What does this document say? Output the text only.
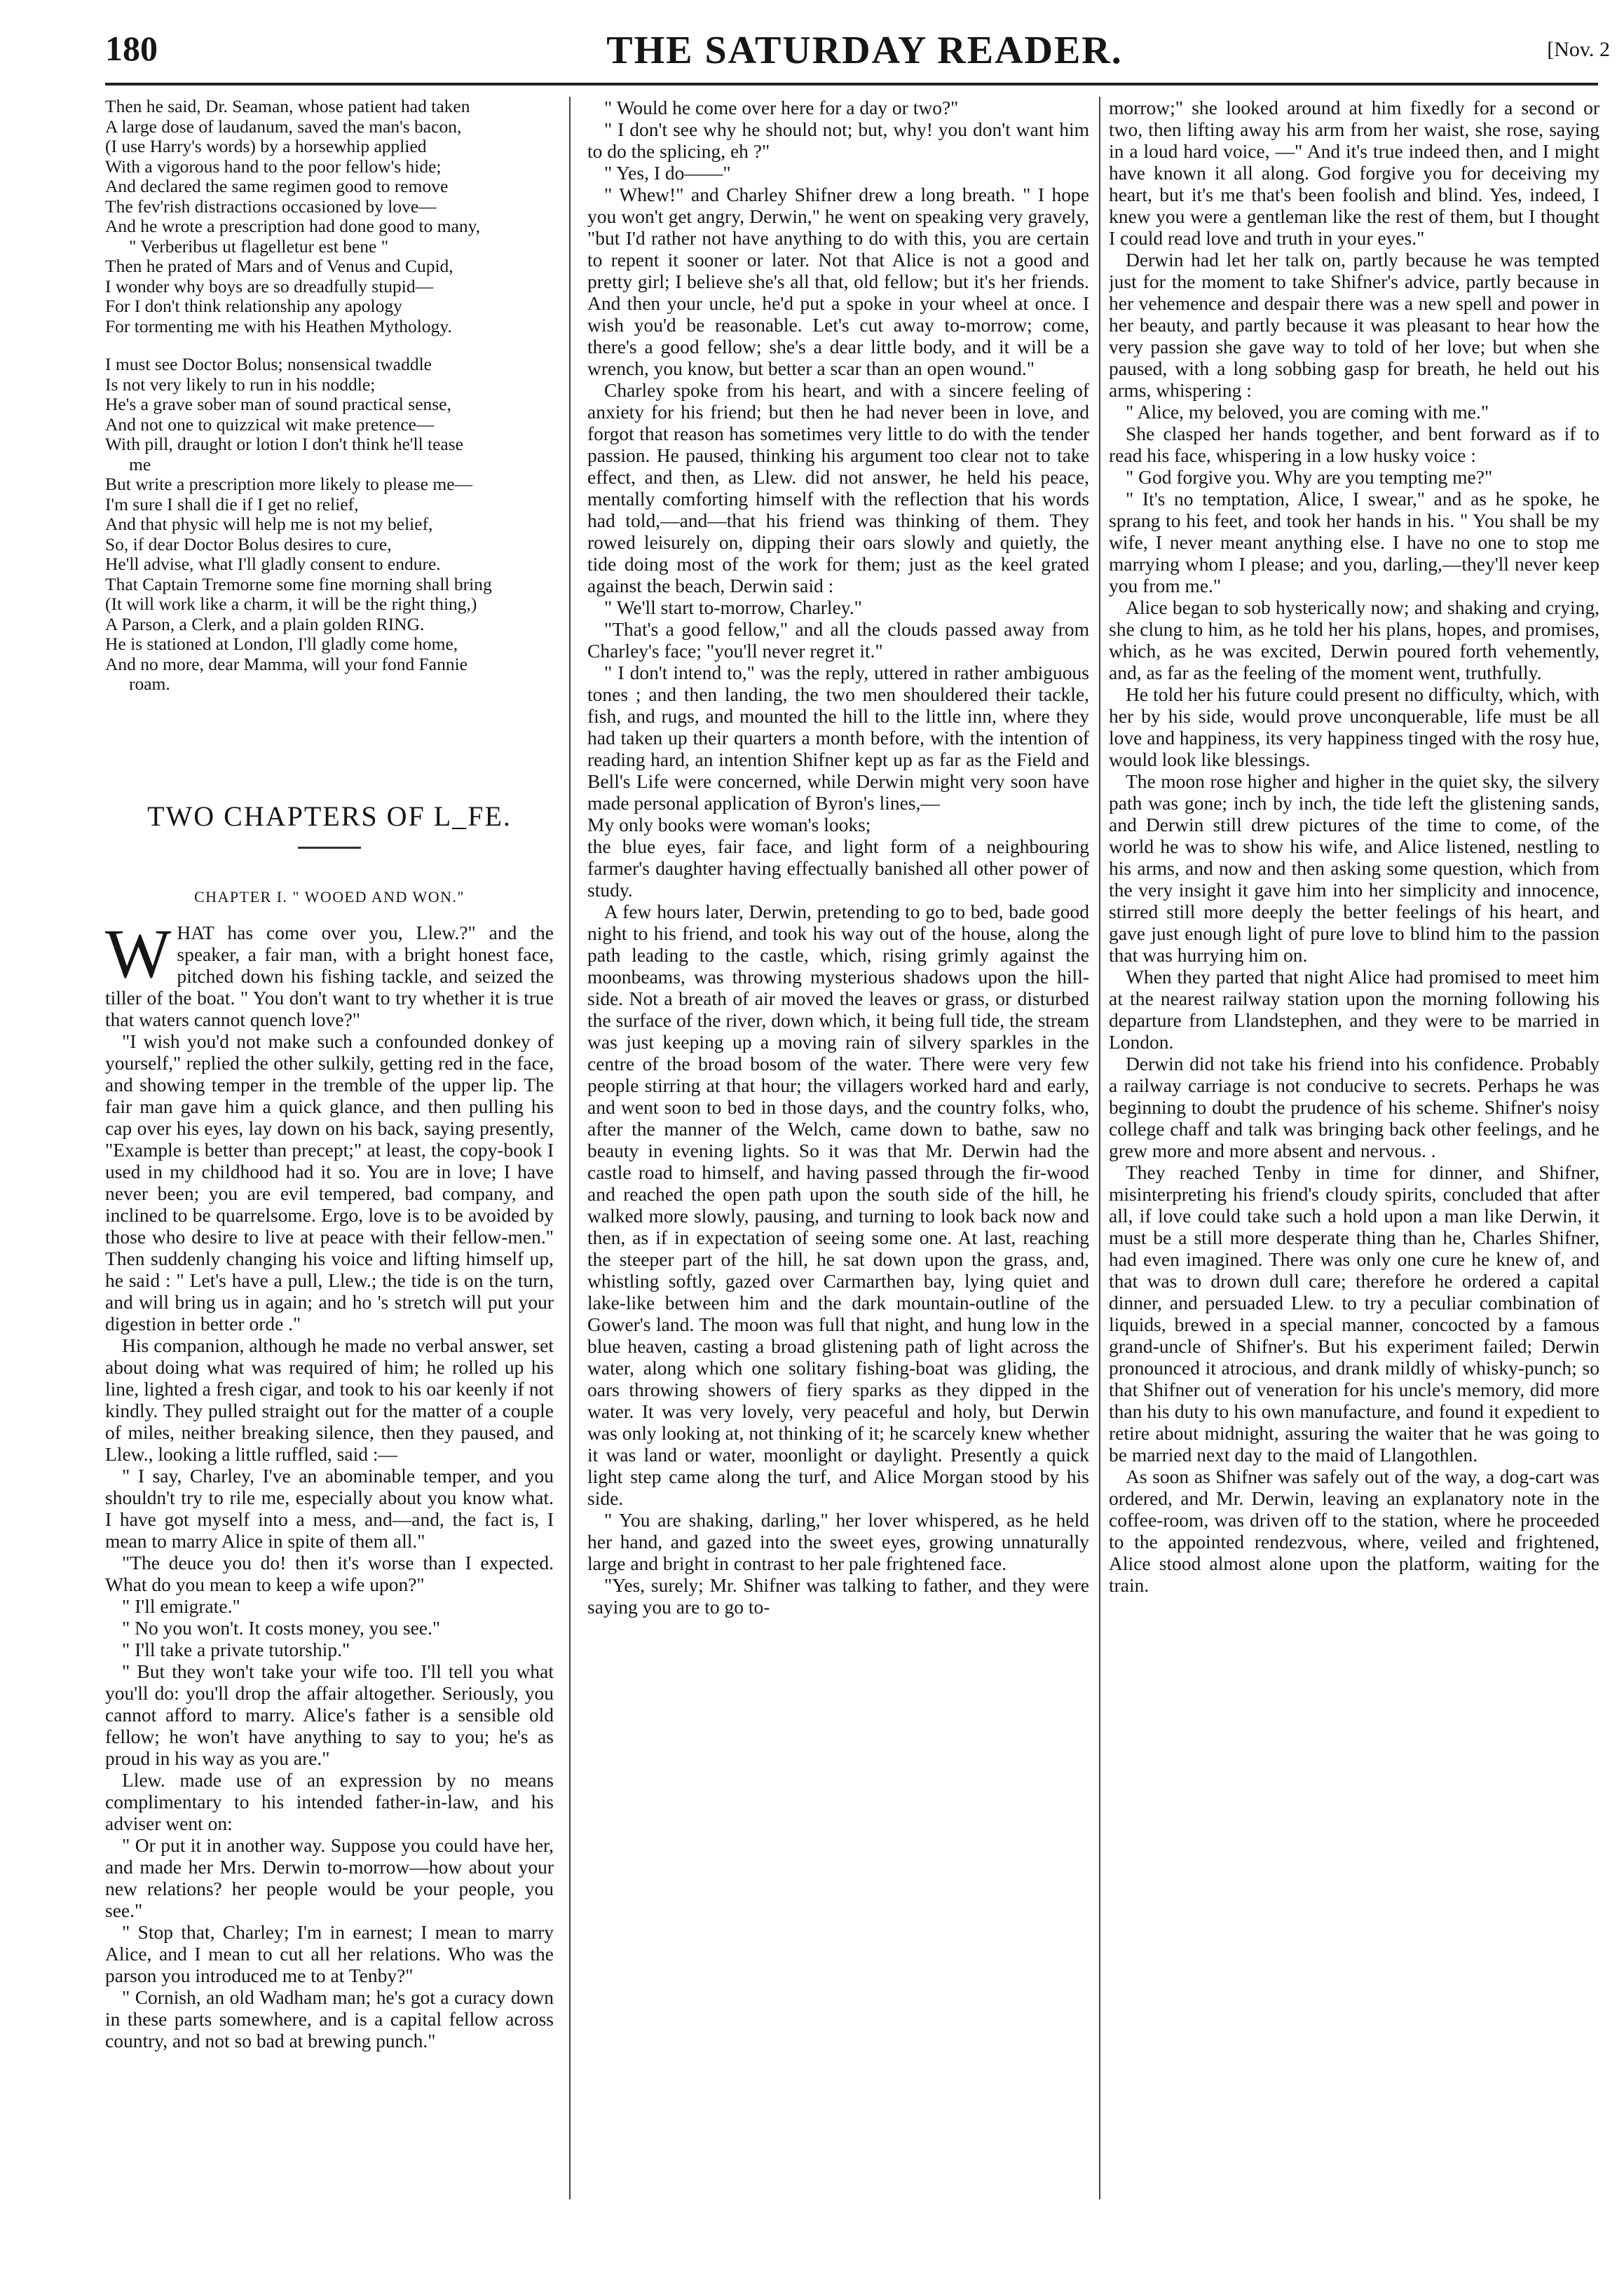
180	THE SATURDAY READER.	[Nov. 2
Then he said, Dr. Seaman, whose patient had taken
A large dose of laudanum, saved the man's bacon,
(I use Harry's words) by a horsewhip applied
With a vigorous hand to the poor fellow's hide;
And declared the same regimen good to remove
The fev'rish distractions occasioned by love—
And he wrote a prescription had done good to many,
" Verberibus ut flagelletur est bene "
Then he prated of Mars and of Venus and Cupid,
I wonder why boys are so dreadfully stupid—
For I don't think relationship any apology
For tormenting me with his Heathen Mythology.
I must see Doctor Bolus; nonsensical twaddle
Is not very likely to run in his noddle;
He's a grave sober man of sound practical sense,
And not one to quizzical wit make pretence—
With pill, draught or lotion I don't think he'll tease
me
But write a prescription more likely to please me—
I'm sure I shall die if I get no relief,
And that physic will help me is not my belief,
So, if dear Doctor Bolus desires to cure,
He'll advise, what I'll gladly consent to endure.
That Captain Tremorne some fine morning shall bring
(It will work like a charm, it will be the right thing,)
A Parson, a Clerk, and a plain golden RING.
He is stationed at London, I'll gladly come home,
And no more, dear Mamma, will your fond Fannie
roam.
TWO CHAPTERS OF L_FE.
CHAPTER I. " WOOED AND WON."

WHAT has come over you, Llew.?" and the speaker, a fair man, with a bright honest face, pitched down his fishing tackle, and seized the tiller of the boat. " You don't want to try whether it is true that waters cannot quench love?"

"I wish you'd not make such a confounded donkey of yourself," replied the other sulkily, getting red in the face, and showing temper in the tremble of the upper lip. The fair man gave him a quick glance, and then pulling his cap over his eyes, lay down on his back, saying presently, "Example is better than precept;" at least, the copy-book I used in my childhood had it so. You are in love; I have never been; you are evil tempered, bad company, and inclined to be quarrelsome. Ergo, love is to be avoided by those who desire to live at peace with their fellow-men." Then suddenly changing his voice and lifting himself up, he said : " Let's have a pull, Llew.; the tide is on the turn, and will bring us in again; and ho 's stretch will put your digestion in better orde ."

His companion, although he made no verbal answer, set about doing what was required of him; he rolled up his line, lighted a fresh cigar, and took to his oar keenly if not kindly. They pulled straight out for the matter of a couple of miles, neither breaking silence, then they paused, and Llew., looking a little ruffled, said :—

" I say, Charley, I've an abominable temper, and you shouldn't try to rile me, especially about you know what. I have got myself into a mess, and—and, the fact is, I mean to marry Alice in spite of them all."

"The deuce you do! then it's worse than I expected. What do you mean to keep a wife upon?"

" I'll emigrate."

" No you won't. It costs money, you see."

" I'll take a private tutorship."

" But they won't take your wife too. I'll tell you what you'll do: you'll drop the affair altogether. Seriously, you cannot afford to marry. Alice's father is a sensible old fellow; he won't have anything to say to you; he's as proud in his way as you are."

Llew. made use of an expression by no means complimentary to his intended father-in-law, and his adviser went on:

" Or put it in another way. Suppose you could have her, and made her Mrs. Derwin to-morrow—how about your new relations? her people would be your people, you see."

" Stop that, Charley; I'm in earnest; I mean to marry Alice, and I mean to cut all her relations. Who was the parson you introduced me to at Tenby?"

" Cornish, an old Wadham man; he's got a curacy down in these parts somewhere, and is a capital fellow across country, and not so bad at brewing punch."

" Would he come over here for a day or two?"

" I don't see why he should not; but, why! you don't want him to do the splicing, eh ?"

" Yes, I do——"

" Whew!" and Charley Shifner drew a long breath. " I hope you won't get angry, Derwin," he went on speaking very gravely, "but I'd rather not have anything to do with this, you are certain to repent it sooner or later. Not that Alice is not a good and pretty girl; I believe she's all that, old fellow; but it's her friends. And then your uncle, he'd put a spoke in your wheel at once. I wish you'd be reasonable. Let's cut away to-morrow; come, there's a good fellow; she's a dear little body, and it will be a wrench, you know, but better a scar than an open wound."

Charley spoke from his heart, and with a sincere feeling of anxiety for his friend; but then he had never been in love, and forgot that reason has sometimes very little to do with the tender passion. He paused, thinking his argument too clear not to take effect, and then, as Llew. did not answer, he held his peace, mentally comforting himself with the reflection that his words had told,—and—that his friend was thinking of them. They rowed leisurely on, dipping their oars slowly and quietly, the tide doing most of the work for them; just as the keel grated against the beach, Derwin said :

" We'll start to-morrow, Charley."

"That's a good fellow," and all the clouds passed away from Charley's face; "you'll never regret it."

" I don't intend to," was the reply, uttered in rather ambiguous tones ; and then landing, the two men shouldered their tackle, fish, and rugs, and mounted the hill to the little inn, where they had taken up their quarters a month before, with the intention of reading hard, an intention Shifner kept up as far as the Field and Bell's Life were concerned, while Derwin might very soon have made personal application of Byron's lines,—

My only books were woman's looks;

the blue eyes, fair face, and light form of a neighbouring farmer's daughter having effectually banished all other power of study.

A few hours later, Derwin, pretending to go to bed, bade good night to his friend, and took his way out of the house, along the path leading to the castle, which, rising grimly against the moonbeams, was throwing mysterious shadows upon the hill-side. Not a breath of air moved the leaves or grass, or disturbed the surface of the river, down which, it being full tide, the stream was just keeping up a moving rain of silvery sparkles in the centre of the broad bosom of the water. There were very few people stirring at that hour; the villagers worked hard and early, and went soon to bed in those days, and the country folks, who, after the manner of the Welch, came down to bathe, saw no beauty in evening lights. So it was that Mr. Derwin had the castle road to himself, and having passed through the fir-wood and reached the open path upon the south side of the hill, he walked more slowly, pausing, and turning to look back now and then, as if in expectation of seeing some one. At last, reaching the steeper part of the hill, he sat down upon the grass, and, whistling softly, gazed over Carmarthen bay, lying quiet and lake-like between him and the dark mountain-outline of the Gower's land. The moon was full that night, and hung low in the blue heaven, casting a broad glistening path of light across the water, along which one solitary fishing-boat was gliding, the oars throwing showers of fiery sparks as they dipped in the water. It was very lovely, very peaceful and holy, but Derwin was only looking at, not thinking of it; he scarcely knew whether it was land or water, moonlight or daylight. Presently a quick light step came along the turf, and Alice Morgan stood by his side.

" You are shaking, darling," her lover whispered, as he held her hand, and gazed into the sweet eyes, growing unnaturally large and bright in contrast to her pale frightened face.

"Yes, surely; Mr. Shifner was talking to father, and they were saying you are to go to-

morrow;" she looked around at him fixedly for a second or two, then lifting away his arm from her waist, she rose, saying in a loud hard voice, —" And it's true indeed then, and I might have known it all along. God forgive you for deceiving my heart, but it's me that's been foolish and blind. Yes, indeed, I knew you were a gentleman like the rest of them, but I thought I could read love and truth in your eyes."

Derwin had let her talk on, partly because he was tempted just for the moment to take Shifner's advice, partly because in her vehemence and despair there was a new spell and power in her beauty, and partly because it was pleasant to hear how the very passion she gave way to told of her love; but when she paused, with a long sobbing gasp for breath, he held out his arms, whispering :

" Alice, my beloved, you are coming with me."

She clasped her hands together, and bent forward as if to read his face, whispering in a low husky voice :

" God forgive you. Why are you tempting me?"

" It's no temptation, Alice, I swear," and as he spoke, he sprang to his feet, and took her hands in his. " You shall be my wife, I never meant anything else. I have no one to stop me marrying whom I please; and you, darling,—they'll never keep you from me."

Alice began to sob hysterically now; and shaking and crying, she clung to him, as he told her his plans, hopes, and promises, which, as he was excited, Derwin poured forth vehemently, and, as far as the feeling of the moment went, truthfully.

He told her his future could present no difficulty, which, with her by his side, would prove unconquerable, life must be all love and happiness, its very happiness tinged with the rosy hue, would look like blessings.

The moon rose higher and higher in the quiet sky, the silvery path was gone; inch by inch, the tide left the glistening sands, and Derwin still drew pictures of the time to come, of the world he was to show his wife, and Alice listened, nestling to his arms, and now and then asking some question, which from the very insight it gave him into her simplicity and innocence, stirred still more deeply the better feelings of his heart, and gave just enough light of pure love to blind him to the passion that was hurrying him on.

When they parted that night Alice had promised to meet him at the nearest railway station upon the morning following his departure from Llandstephen, and they were to be married in London.

Derwin did not take his friend into his confidence. Probably a railway carriage is not conducive to secrets. Perhaps he was beginning to doubt the prudence of his scheme. Shifner's noisy college chaff and talk was bringing back other feelings, and he grew more and more absent and nervous. .

They reached Tenby in time for dinner, and Shifner, misinterpreting his friend's cloudy spirits, concluded that after all, if love could take such a hold upon a man like Derwin, it must be a still more desperate thing than he, Charles Shifner, had even imagined. There was only one cure he knew of, and that was to drown dull care; therefore he ordered a capital dinner, and persuaded Llew. to try a peculiar combination of liquids, brewed in a special manner, concocted by a famous grand-uncle of Shifner's. But his experiment failed; Derwin pronounced it atrocious, and drank mildly of whisky-punch; so that Shifner out of veneration for his uncle's memory, did more than his duty to his own manufacture, and found it expedient to retire about midnight, assuring the waiter that he was going to be married next day to the maid of Llangothlen.

As soon as Shifner was safely out of the way, a dog-cart was ordered, and Mr. Derwin, leaving an explanatory note in the coffee-room, was driven off to the station, where he proceeded to the appointed rendezvous, where, veiled and frightened, Alice stood almost alone upon the platform, waiting for the train.
